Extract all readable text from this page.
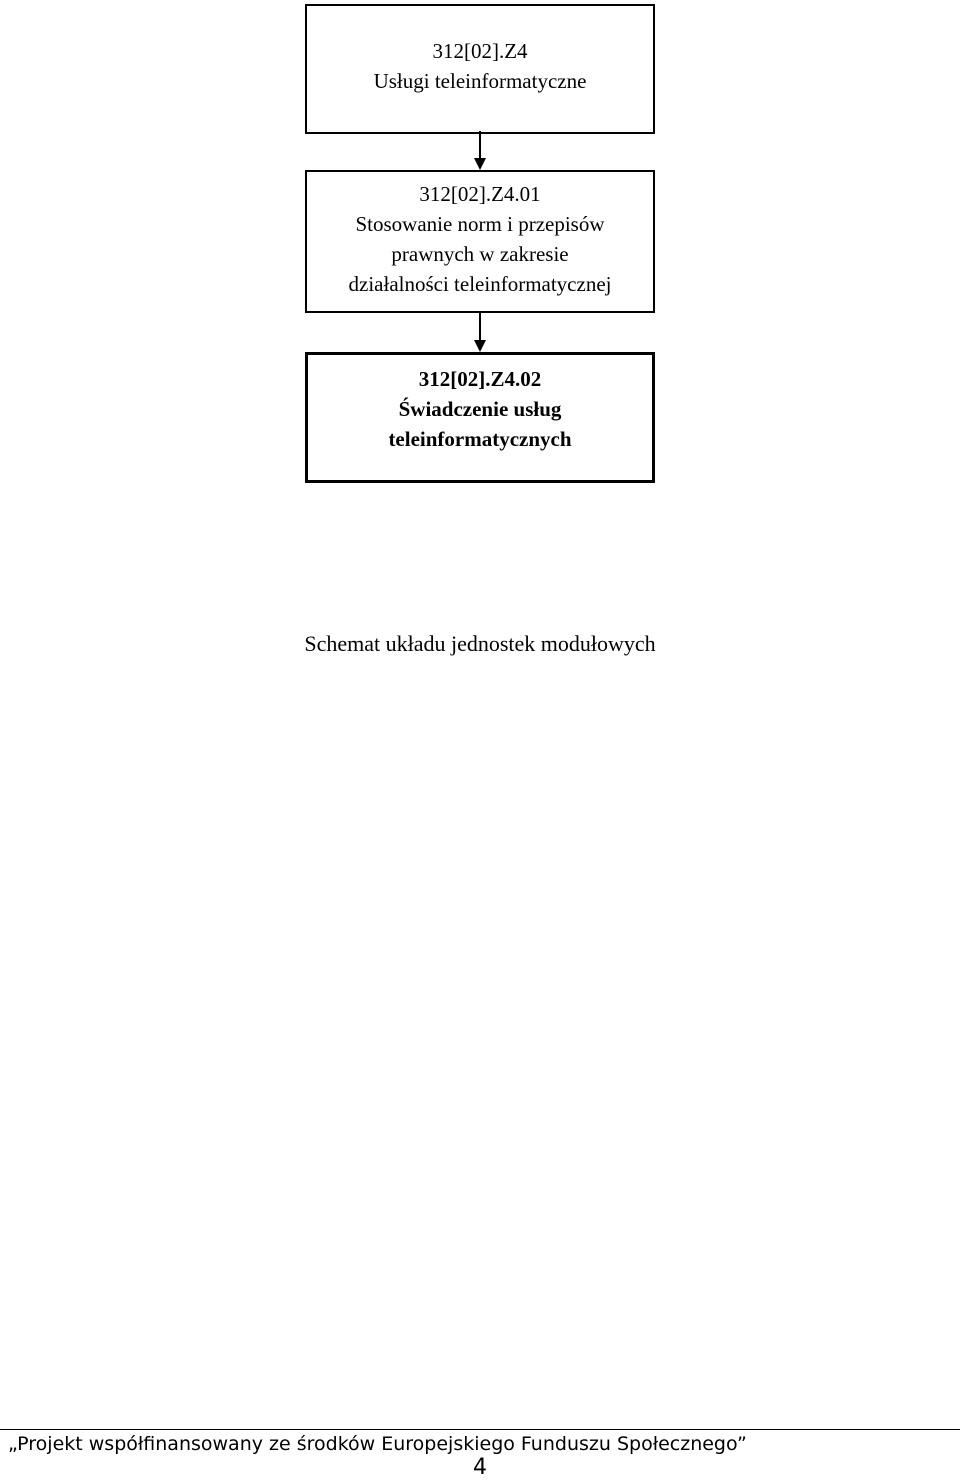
312[02].Z4
Usługi teleinformatyczne
312[02].Z4.01
Stosowanie norm i przepisów
prawnych w zakresie
działalności teleinformatycznej
312[02].Z4.02
Świadczenie usług
teleinformatycznych
Schemat układu jednostek modułowych
„Projekt współfinansowany ze środków Europejskiego Funduszu Społecznego”
4
